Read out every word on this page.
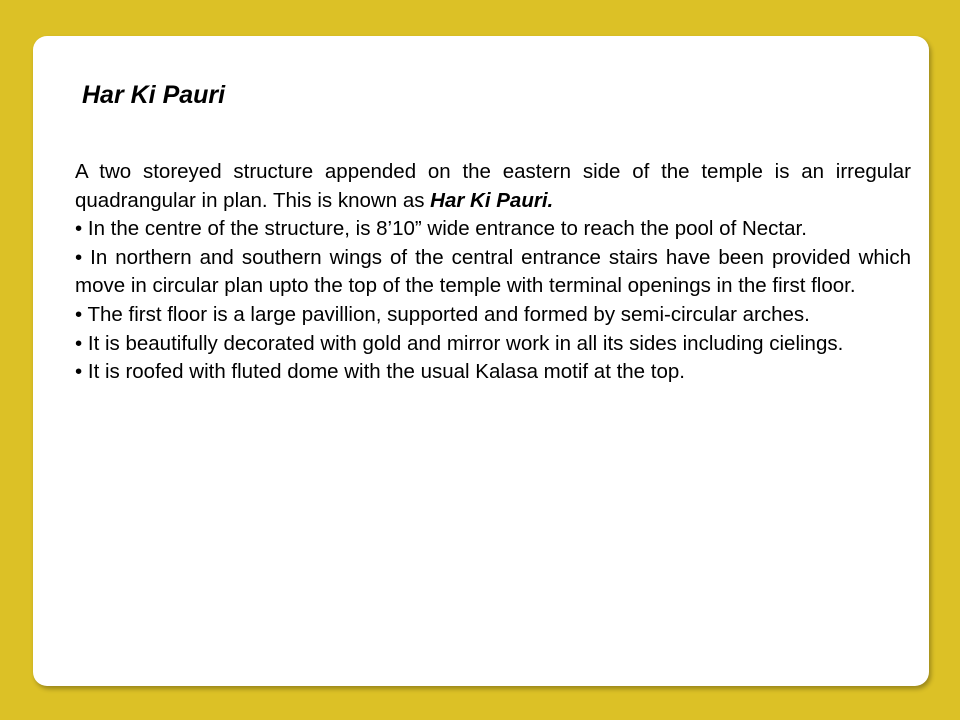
Har Ki Pauri

A two storeyed structure appended on the eastern side of the temple is an irregular quadrangular in plan. This is known as Har Ki Pauri.

• In the centre of the structure, is 8’10” wide entrance to reach the pool of Nectar.

• In northern and southern wings of the central entrance stairs have been provided which move in circular plan upto the top of the temple with terminal openings in the first floor.

• The first floor is a large pavillion, supported and formed by semi-circular arches.

• It is beautifully decorated with gold and mirror work in all its sides including cielings.

• It is roofed with fluted dome with the usual Kalasa motif at the top.
